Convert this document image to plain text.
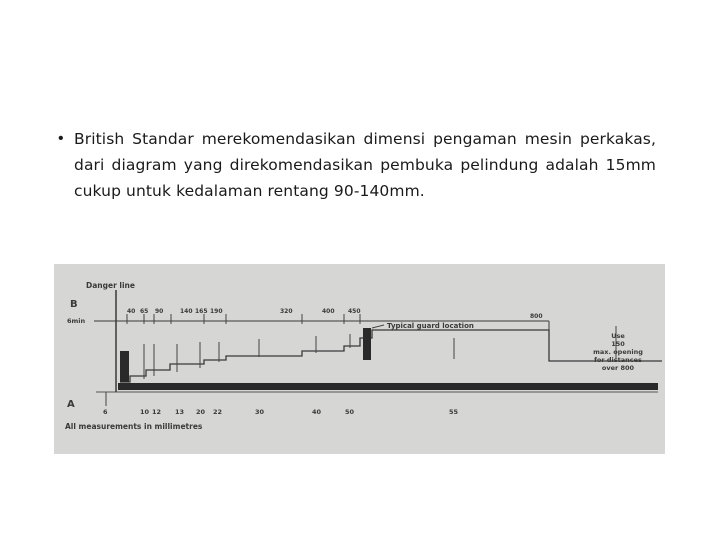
• British Standar merekomendasikan dimensi pengaman mesin perkakas, dari diagram yang direkomendasikan pembuka pelindung adalah 15mm cukup untuk kedalaman rentang 90-140mm.
Danger line
B
6min
A
Typical guard location
All measurements in millimetres
40 65 90	140 165 190	320	400 450
800
6	10 12 13 20 22	30	40	50	55
Use
150
max. opening
for distances
over 800
